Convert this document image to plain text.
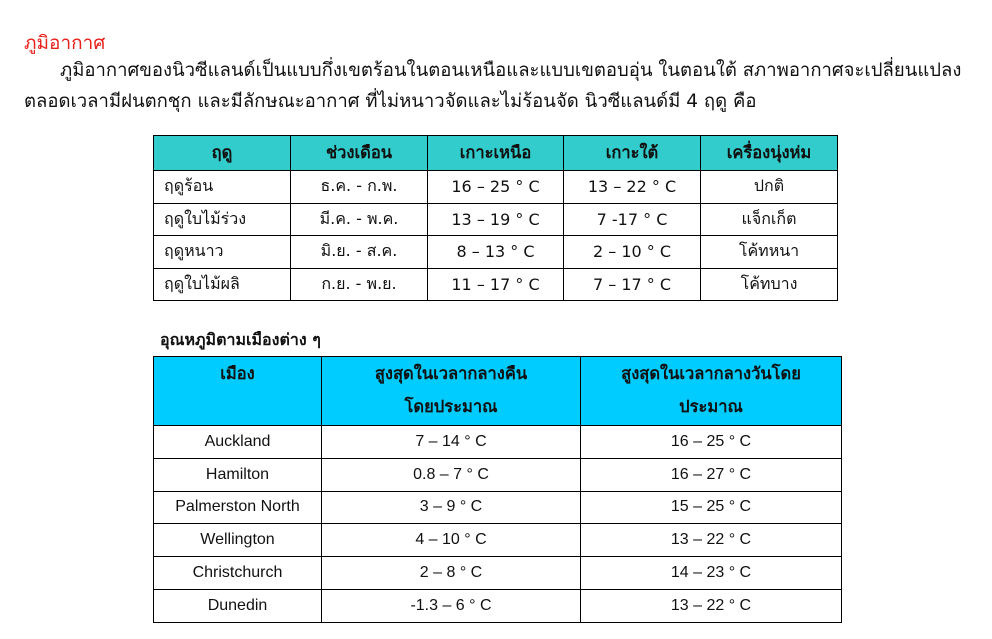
ภูมิอากาศ

ภูมิอากาศของนิวซีแลนด์เป็นแบบกึ่งเขตร้อนในตอนเหนือและแบบเขตอบอุ่น ในตอนใต้ สภาพอากาศจะเปลี่ยนแปลง ตลอดเวลามีฝนตกชุก และมีลักษณะอากาศ ที่ไม่หนาวจัดและไม่ร้อนจัด นิวซีแลนด์มี 4 ฤดู คือ

ฤดู	ช่วงเดือน	เกาะเหนือ	เกาะใต้	เครื่องนุ่งห่ม
ฤดูร้อน	ธ.ค. - ก.พ.	16 – 25 ° C	13 – 22 ° C	ปกติ
ฤดูใบไม้ร่วง	มี.ค. - พ.ค.	13 – 19 ° C	7 -17 ° C	แจ็กเก็ต
ฤดูหนาว	มิ.ย. - ส.ค.	8 – 13 ° C	2 – 10 ° C	โค้ทหนา
ฤดูใบไม้ผลิ	ก.ย. - พ.ย.	11 – 17 ° C	7 – 17 ° C	โค้ทบาง
อุณหภูมิตามเมืองต่าง ๆ
เมือง	สูงสุดในเวลากลางคืนโดยประมาณ	สูงสุดในเวลากลางวันโดยประมาณ
Auckland	7 – 14 ° C	16 – 25 ° C
Hamilton	0.8 – 7 ° C	16 – 27 ° C
Palmerston North	3 – 9 ° C	15 – 25 ° C
Wellington	4 – 10 ° C	13 – 22 ° C
Christchurch	2 – 8 ° C	14 – 23 ° C
Dunedin	-1.3 – 6 ° C	13 – 22 ° C
